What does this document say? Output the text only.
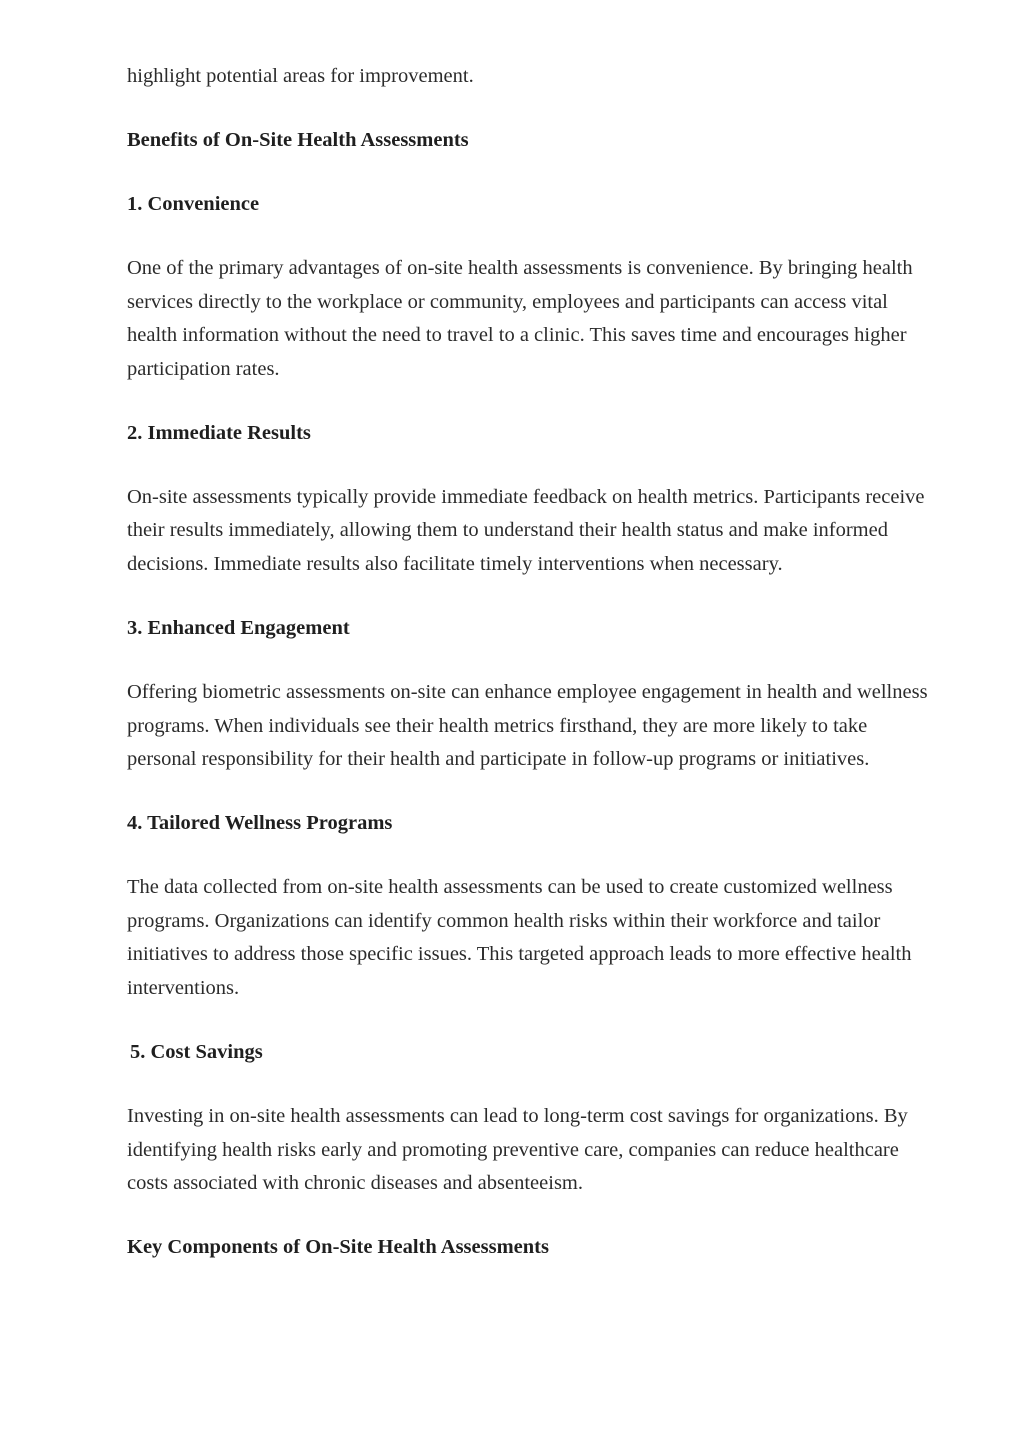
highlight potential areas for improvement.

Benefits of On-Site Health Assessments
1. Convenience

One of the primary advantages of on-site health assessments is convenience. By bringing health services directly to the workplace or community, employees and participants can access vital health information without the need to travel to a clinic. This saves time and encourages higher participation rates.

2. Immediate Results

On-site assessments typically provide immediate feedback on health metrics. Participants receive their results immediately, allowing them to understand their health status and make informed decisions. Immediate results also facilitate timely interventions when necessary.

3. Enhanced Engagement

Offering biometric assessments on-site can enhance employee engagement in health and wellness programs. When individuals see their health metrics firsthand, they are more likely to take personal responsibility for their health and participate in follow-up programs or initiatives.

4. Tailored Wellness Programs

The data collected from on-site health assessments can be used to create customized wellness programs. Organizations can identify common health risks within their workforce and tailor initiatives to address those specific issues. This targeted approach leads to more effective health interventions.

5. Cost Savings

Investing in on-site health assessments can lead to long-term cost savings for organizations. By identifying health risks early and promoting preventive care, companies can reduce healthcare costs associated with chronic diseases and absenteeism.

Key Components of On-Site Health Assessments
